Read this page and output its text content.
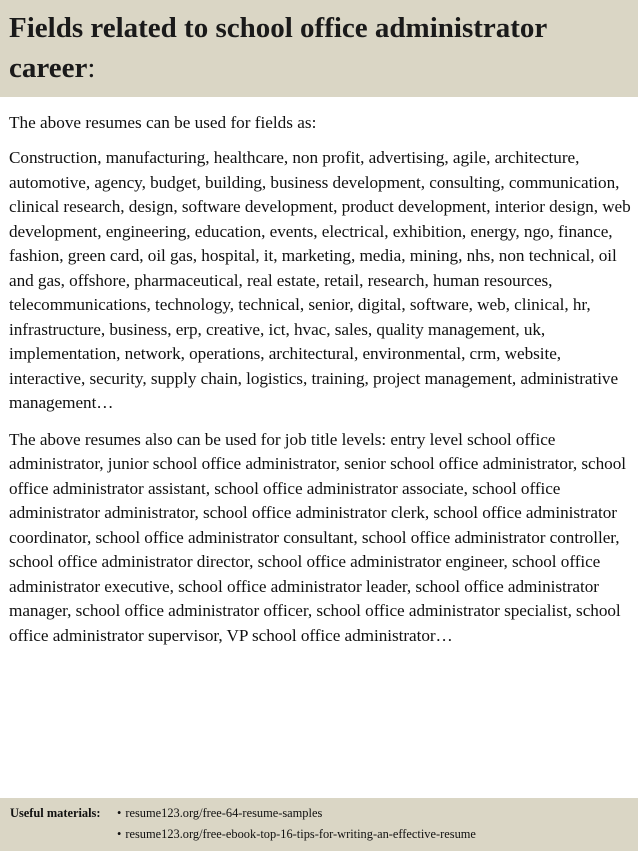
Fields related to school office administrator career:

The above resumes can be used for fields as:

Construction, manufacturing, healthcare, non profit, advertising, agile, architecture, automotive, agency, budget, building, business development, consulting, communication, clinical research, design, software development, product development, interior design, web development, engineering, education, events, electrical, exhibition, energy, ngo, finance, fashion, green card, oil gas, hospital, it, marketing, media, mining, nhs, non technical, oil and gas, offshore, pharmaceutical, real estate, retail, research, human resources, telecommunications, technology, technical, senior, digital, software, web, clinical, hr, infrastructure, business, erp, creative, ict, hvac, sales, quality management, uk, implementation, network, operations, architectural, environmental, crm, website, interactive, security, supply chain, logistics, training, project management, administrative management…

The above resumes also can be used for job title levels: entry level school office administrator, junior school office administrator, senior school office administrator, school office administrator assistant, school office administrator associate, school office administrator administrator, school office administrator clerk, school office administrator coordinator, school office administrator consultant, school office administrator controller, school office administrator director, school office administrator engineer, school office administrator executive, school office administrator leader, school office administrator manager, school office administrator officer, school office administrator specialist, school office administrator supervisor, VP school office administrator…

Useful materials:	• resume123.org/free-64-resume-samples
• resume123.org/free-ebook-top-16-tips-for-writing-an-effective-resume
